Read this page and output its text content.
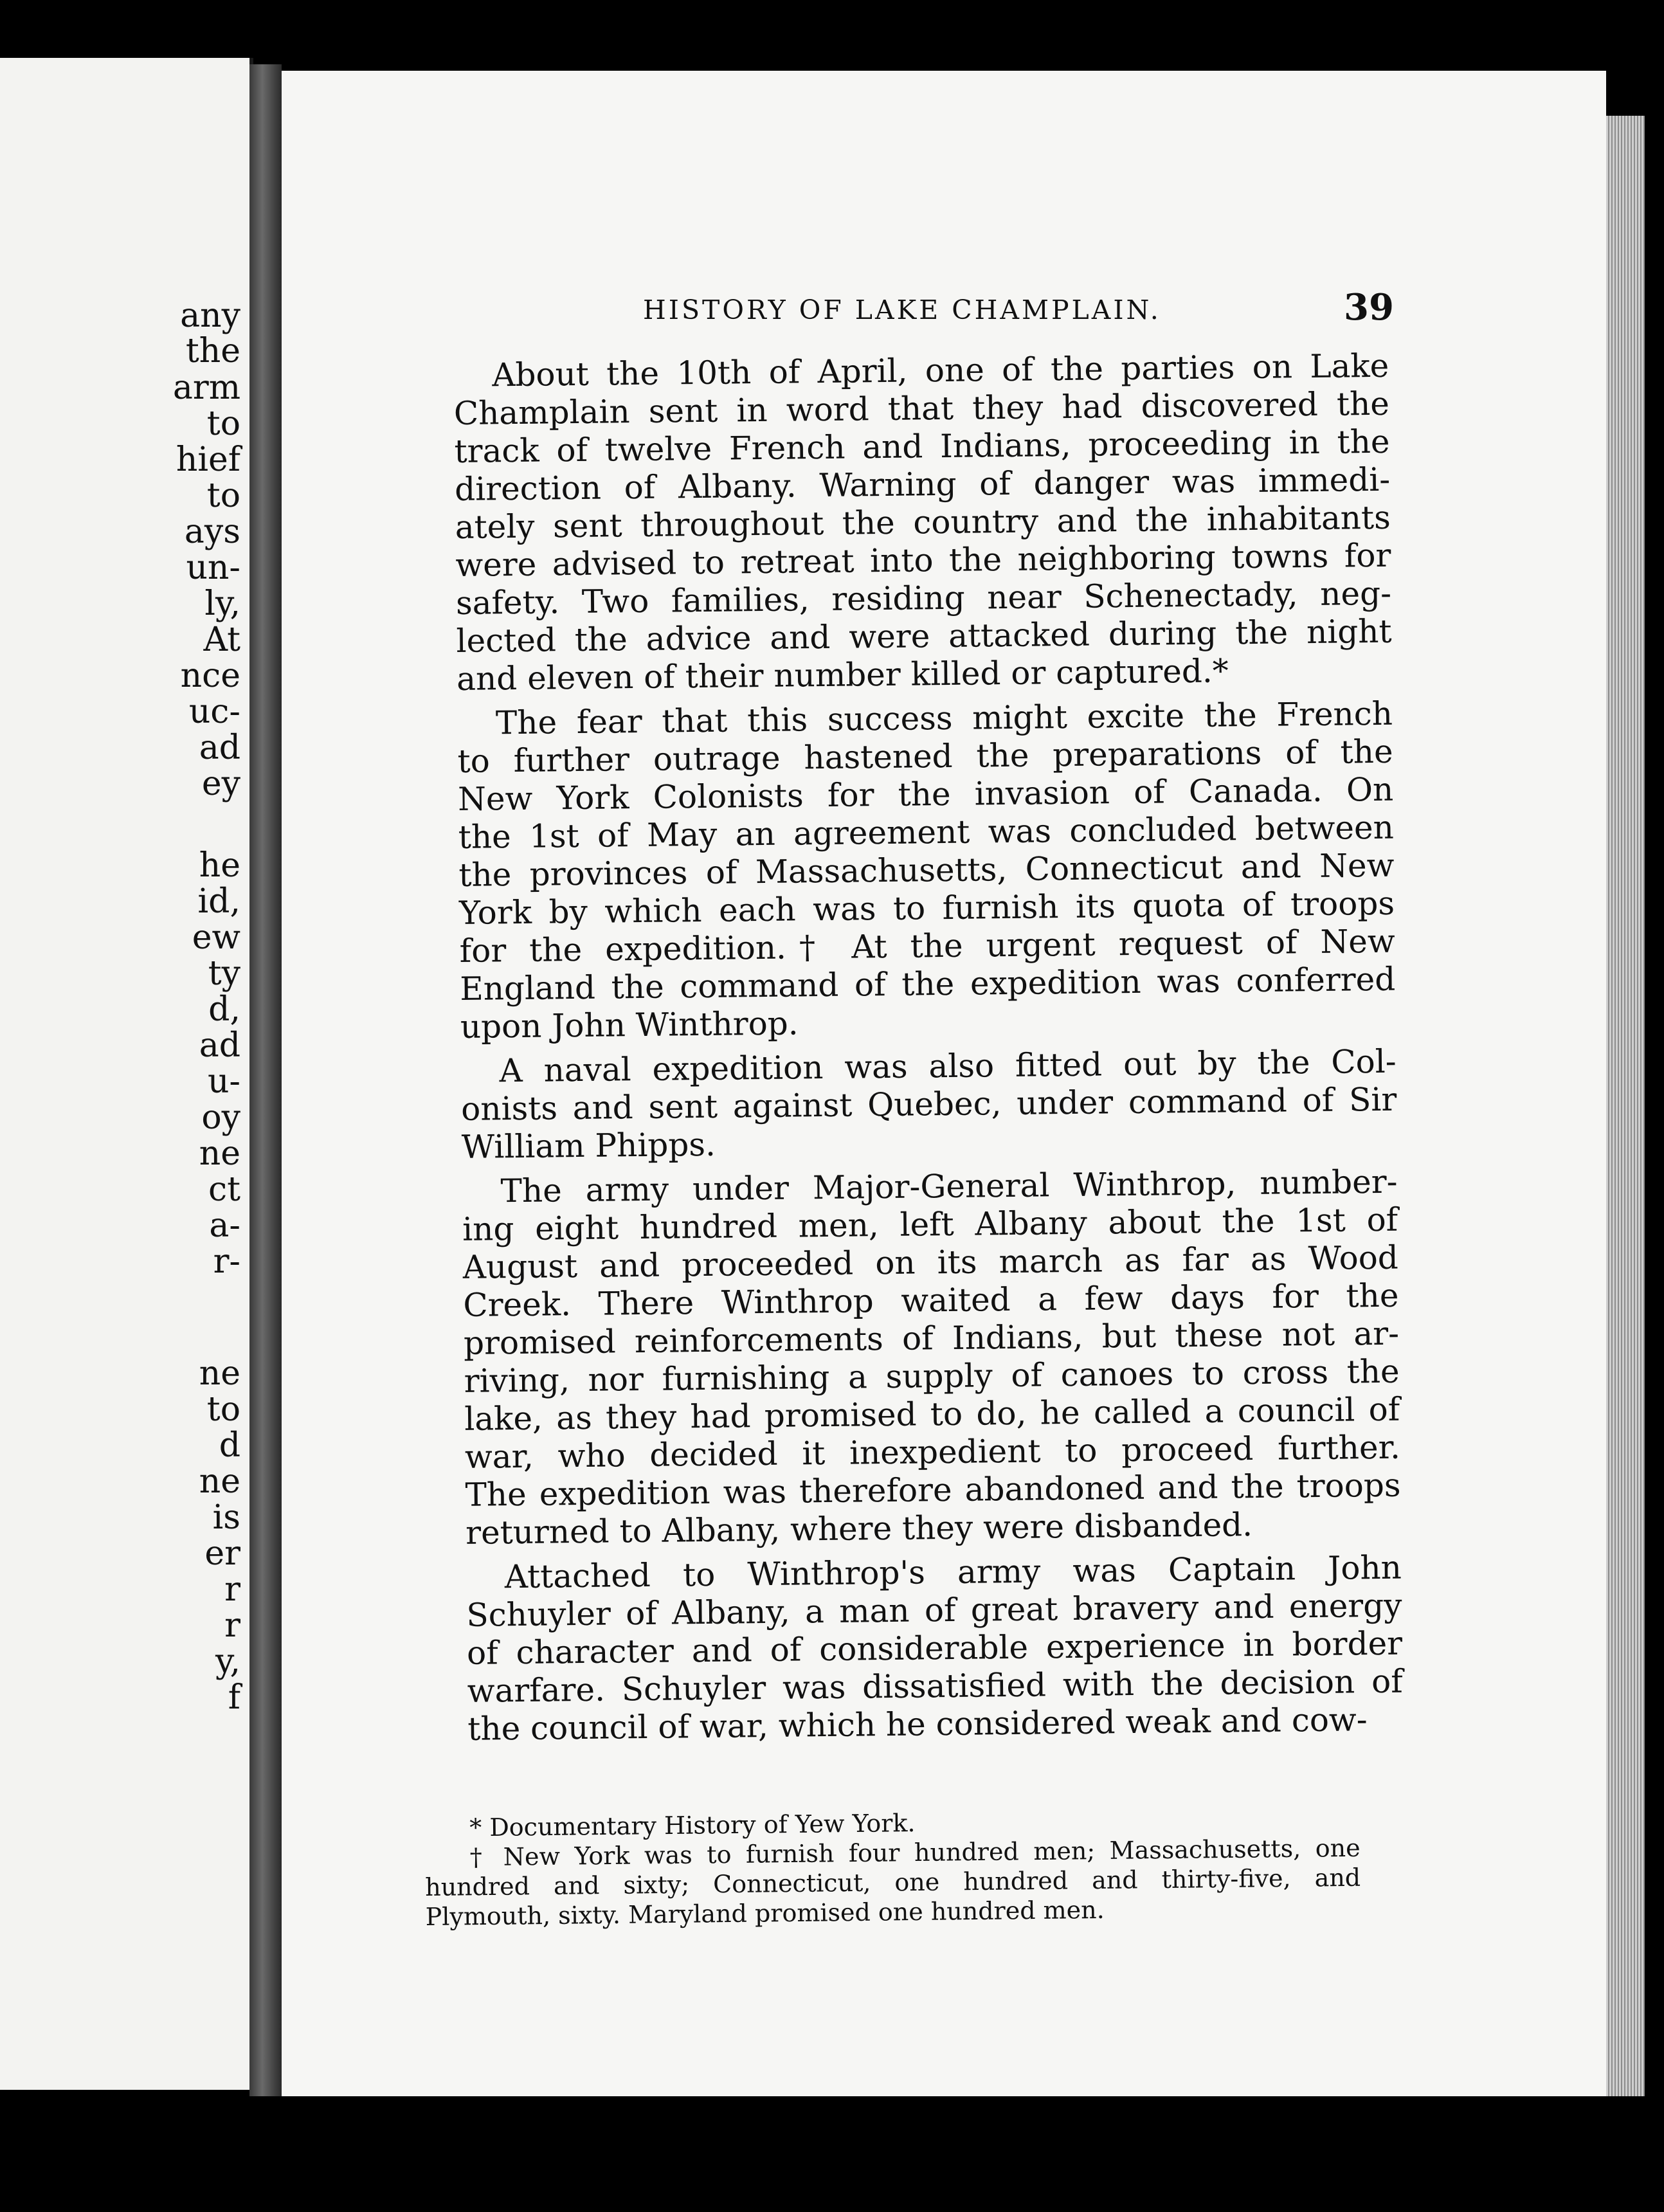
any
the
arm
to
hief
to
ays
un-
ly,
At
nce
uc-
ad
ey
he
id,
ew
ty
d,
ad
u-
oy
ne
ct
a-
r-
ne
to
d
ne
is
er
r
r
y,
f
HISTORY OF LAKE CHAMPLAIN.	39
About the 10th of April, one of the parties on Lake
Champlain sent in word that they had discovered the
track of twelve French and Indians, proceeding in the
direction of Albany. Warning of danger was immedi-
ately sent throughout the country and the inhabitants
were advised to retreat into the neighboring towns for
safety. Two families, residing near Schenectady, neg-
lected the advice and were attacked during the night
and eleven of their number killed or captured.*
The fear that this success might excite the French
to further outrage hastened the preparations of the
New York Colonists for the invasion of Canada. On
the 1st of May an agreement was concluded between
the provinces of Massachusetts, Connecticut and New
York by which each was to furnish its quota of troops
for the expedition.† At the urgent request of New
England the command of the expedition was conferred
upon John Winthrop.
A naval expedition was also fitted out by the Col-
onists and sent against Quebec, under command of Sir
William Phipps.
The army under Major-General Winthrop, number-
ing eight hundred men, left Albany about the 1st of
August and proceeded on its march as far as Wood
Creek. There Winthrop waited a few days for the
promised reinforcements of Indians, but these not ar-
riving, nor furnishing a supply of canoes to cross the
lake, as they had promised to do, he called a council of
war, who decided it inexpedient to proceed further.
The expedition was therefore abandoned and the troops
returned to Albany, where they were disbanded.
Attached to Winthrop's army was Captain John
Schuyler of Albany, a man of great bravery and energy
of character and of considerable experience in border
warfare. Schuyler was dissatisfied with the decision of
the council of war, which he considered weak and cow-
* Documentary History of Yew York.
† New York was to furnish four hundred men; Massachusetts, one
hundred and sixty; Connecticut, one hundred and thirty-five, and
Plymouth, sixty. Maryland promised one hundred men.
